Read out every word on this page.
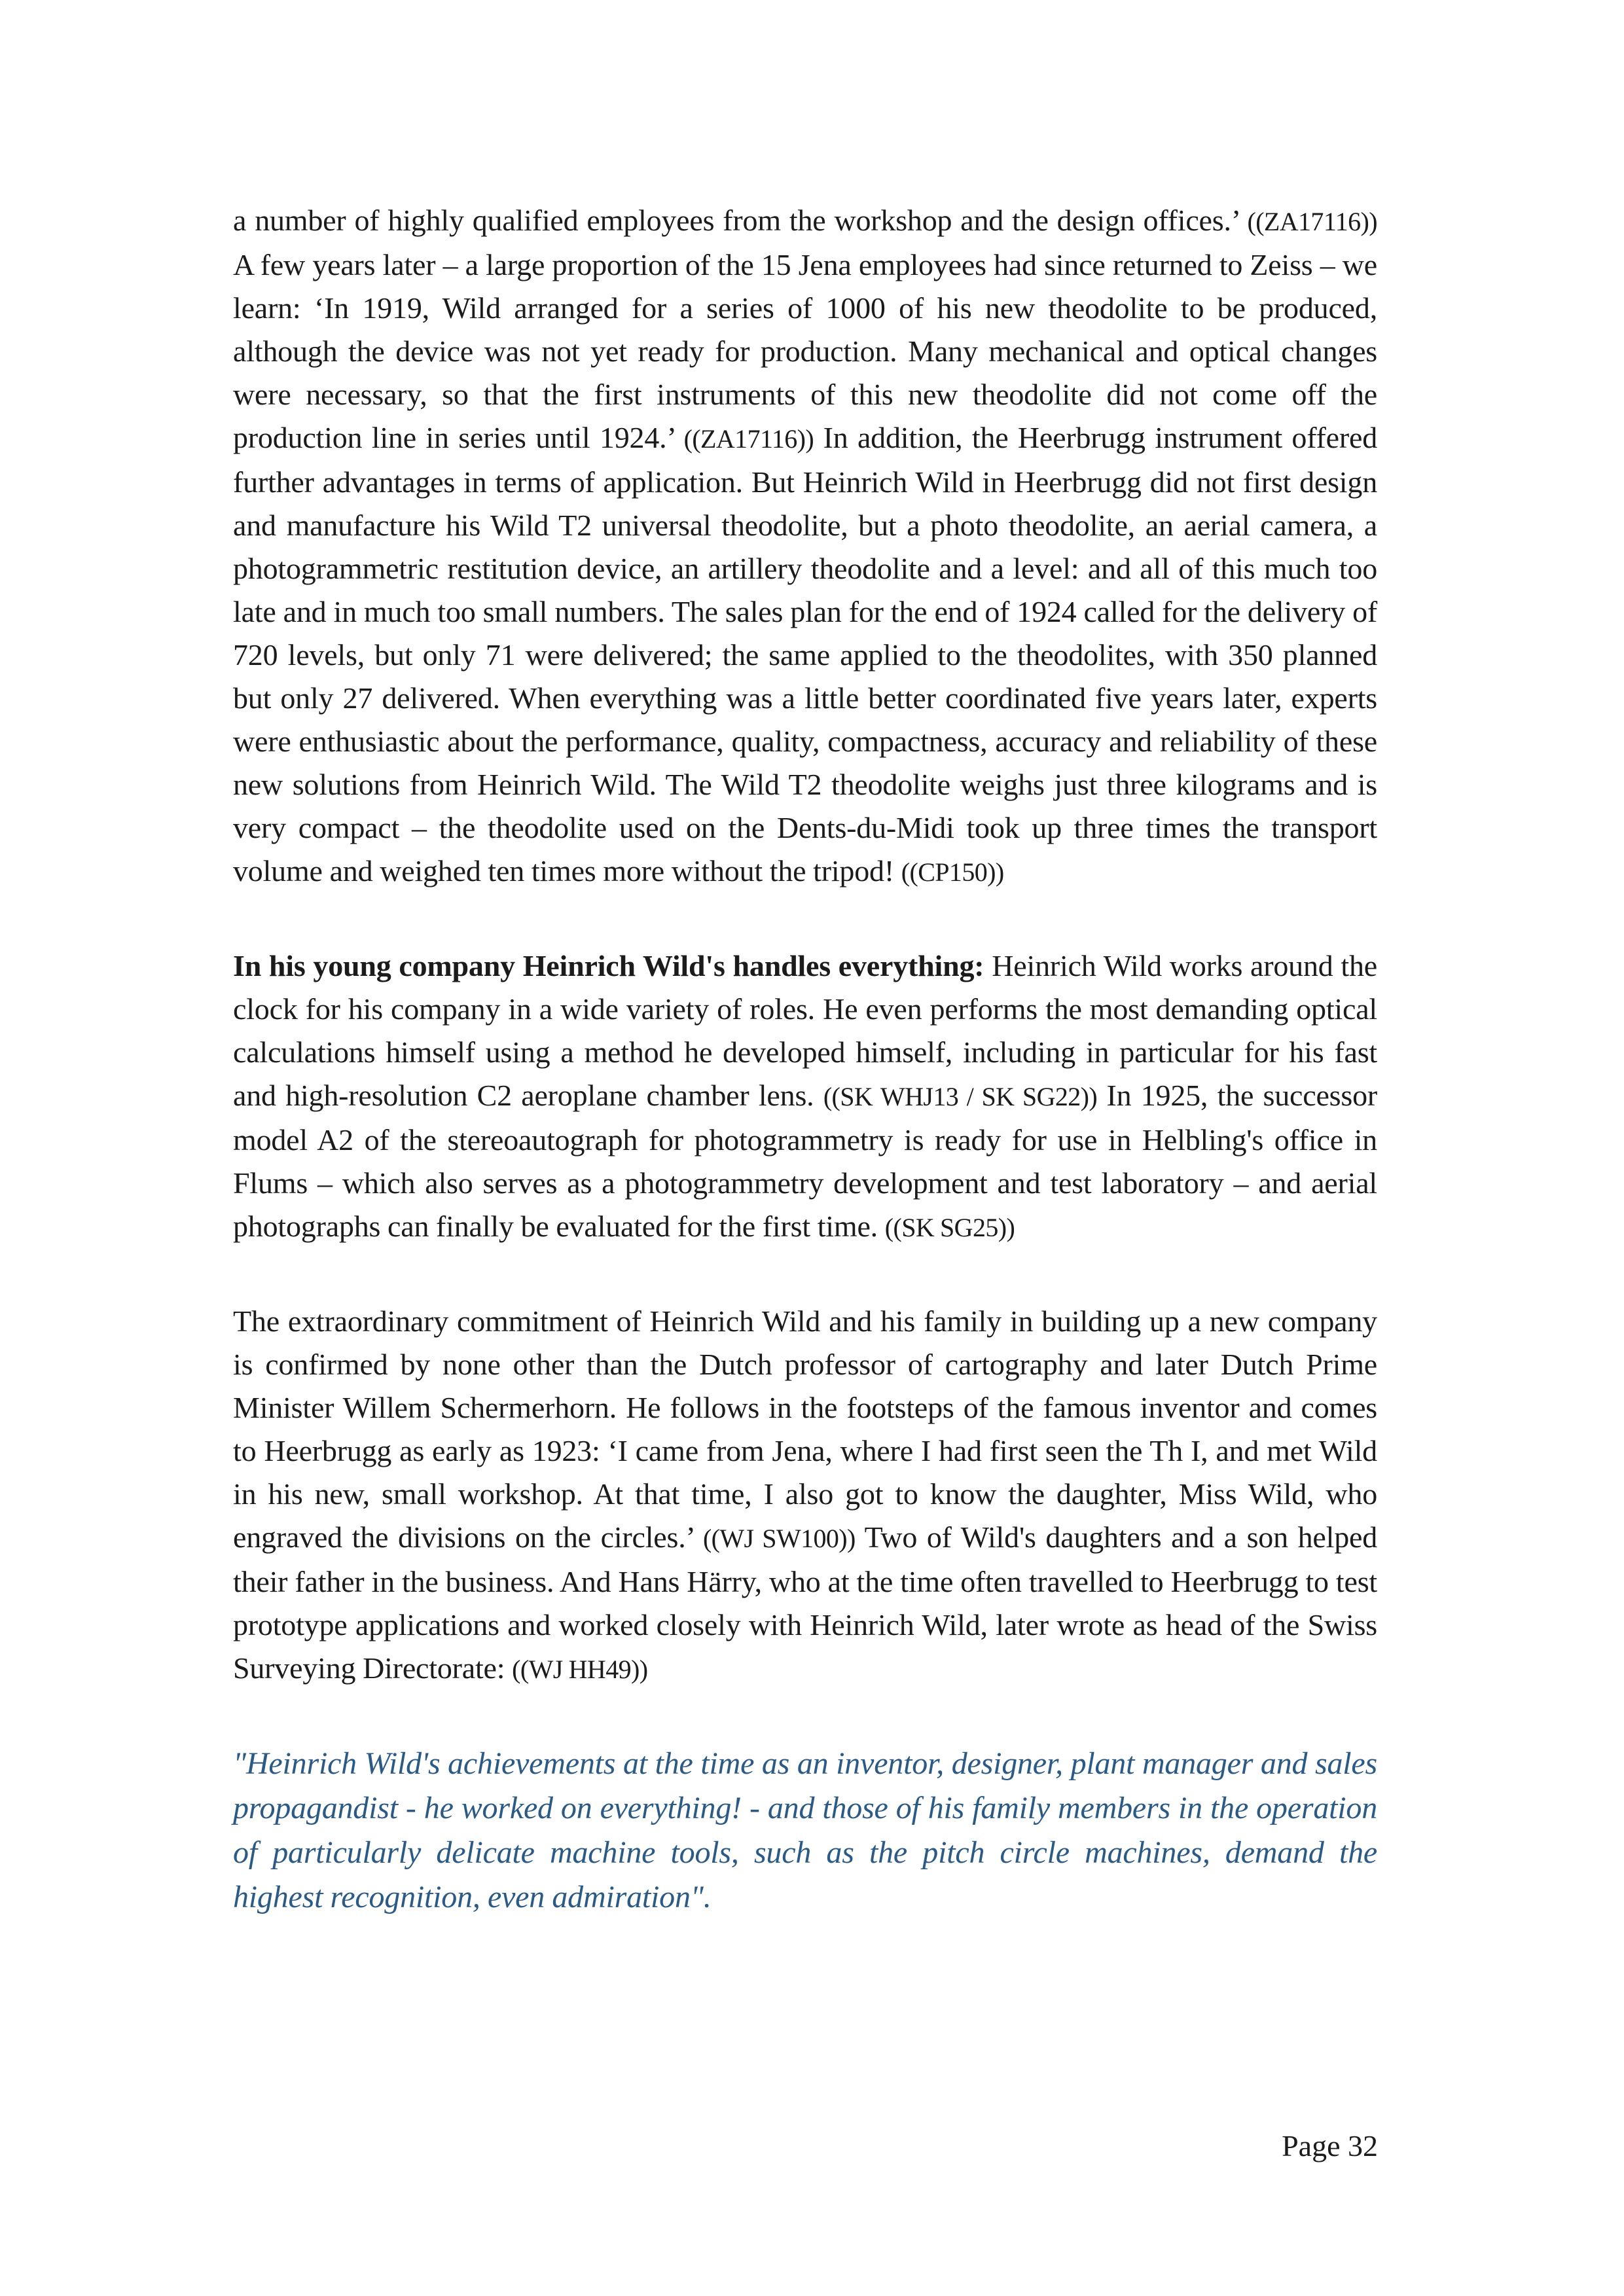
a number of highly qualified employees from the workshop and the design offices.’ ((ZA17116)) A few years later – a large proportion of the 15 Jena employees had since returned to Zeiss – we learn: ‘In 1919, Wild arranged for a series of 1000 of his new theodolite to be produced, although the device was not yet ready for production. Many mechanical and optical changes were necessary, so that the first instruments of this new theodolite did not come off the production line in series until 1924.’ ((ZA17116)) In addition, the Heerbrugg instrument offered further advantages in terms of application. But Heinrich Wild in Heerbrugg did not first design and manufacture his Wild T2 universal theodolite, but a photo theodolite, an aerial camera, a photogrammetric restitution device, an artillery theodolite and a level: and all of this much too late and in much too small numbers. The sales plan for the end of 1924 called for the delivery of 720 levels, but only 71 were delivered; the same applied to the theodolites, with 350 planned but only 27 delivered. When everything was a little better coordinated five years later, experts were enthusiastic about the performance, quality, compactness, accuracy and reliability of these new solutions from Heinrich Wild. The Wild T2 theodolite weighs just three kilograms and is very compact – the theodolite used on the Dents-du-Midi took up three times the transport volume and weighed ten times more without the tripod! ((CP150))

In his young company Heinrich Wild's handles everything: Heinrich Wild works around the clock for his company in a wide variety of roles. He even performs the most demanding optical calculations himself using a method he developed himself, including in particular for his fast and high-resolution C2 aeroplane chamber lens. ((SK WHJ13 / SK SG22)) In 1925, the successor model A2 of the stereoautograph for photogrammetry is ready for use in Helbling's office in Flums – which also serves as a photogrammetry development and test laboratory – and aerial photographs can finally be evaluated for the first time. ((SK SG25))

The extraordinary commitment of Heinrich Wild and his family in building up a new company is confirmed by none other than the Dutch professor of cartography and later Dutch Prime Minister Willem Schermerhorn. He follows in the footsteps of the famous inventor and comes to Heerbrugg as early as 1923: ‘I came from Jena, where I had first seen the Th I, and met Wild in his new, small workshop. At that time, I also got to know the daughter, Miss Wild, who engraved the divisions on the circles.’ ((WJ SW100)) Two of Wild's daughters and a son helped their father in the business. And Hans Härry, who at the time often travelled to Heerbrugg to test prototype applications and worked closely with Heinrich Wild, later wrote as head of the Swiss Surveying Directorate: ((WJ HH49))

"Heinrich Wild's achievements at the time as an inventor, designer, plant manager and sales propagandist - he worked on everything! - and those of his family members in the operation of particularly delicate machine tools, such as the pitch circle machines, demand the highest recognition, even admiration".

Page 32
